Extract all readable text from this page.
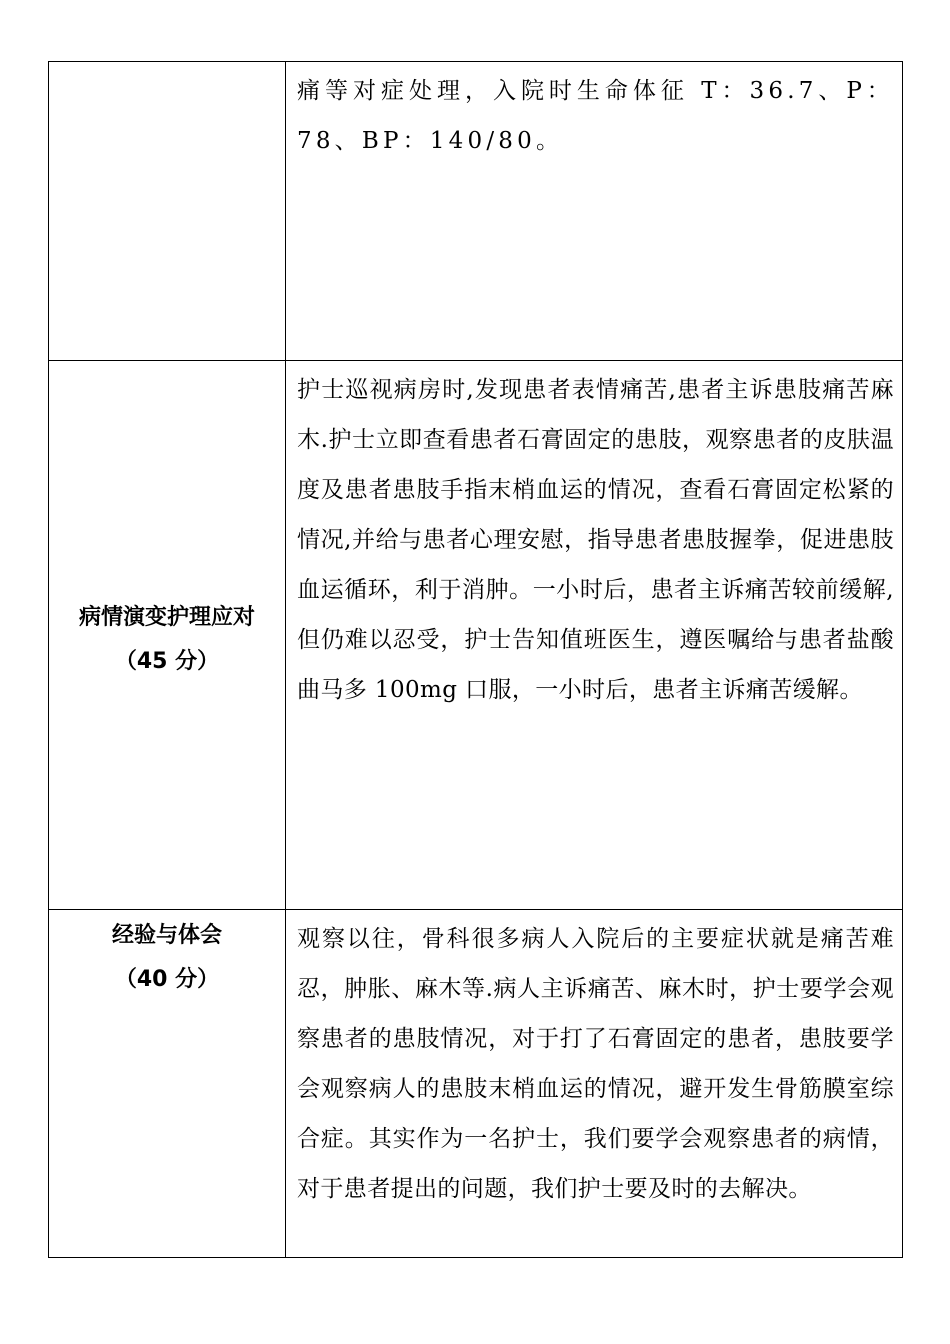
	痛等对症处理，入院时生命体征 T：36.7、P：78、BP：140/80。

病情演变护理应对
（45 分）	护士巡视病房时,发现患者表情痛苦,患者主诉患肢痛苦麻木.护士立即查看患者石膏固定的患肢，观察患者的皮肤温度及患者患肢手指末梢血运的情况，查看石膏固定松紧的情况,并给与患者心理安慰，指导患者患肢握拳，促进患肢血运循环，利于消肿。一小时后，患者主诉痛苦较前缓解,但仍难以忍受，护士告知值班医生，遵医嘱给与患者盐酸曲马多 100mg 口服，一小时后，患者主诉痛苦缓解。

经验与体会
（40 分）	观察以往，骨科很多病人入院后的主要症状就是痛苦难忍，肿胀、麻木等.病人主诉痛苦、麻木时，护士要学会观察患者的患肢情况，对于打了石膏固定的患者，患肢要学会观察病人的患肢末梢血运的情况，避开发生骨筋膜室综合症。其实作为一名护士，我们要学会观察患者的病情，对于患者提出的问题，我们护士要及时的去解决。
